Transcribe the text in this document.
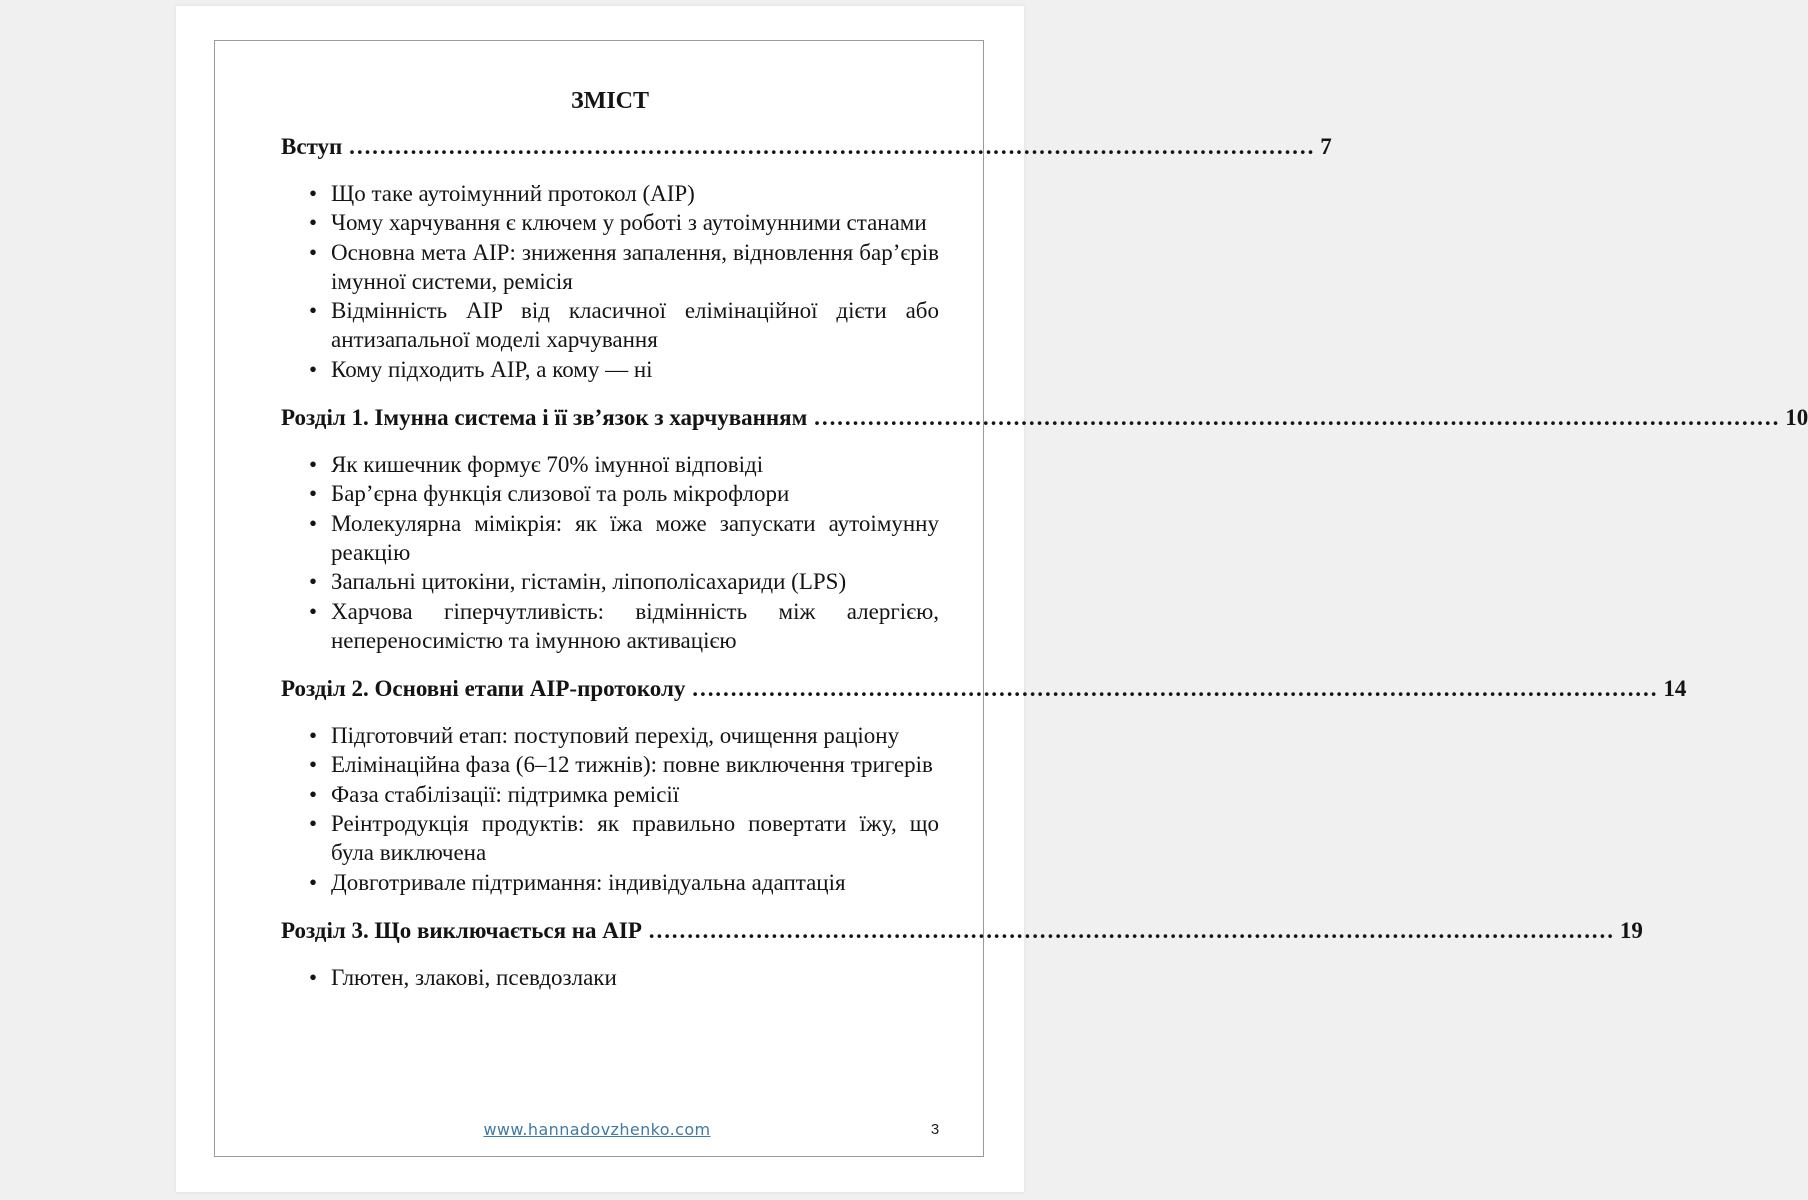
ЗМІСТ
Вступ ……………………………………………………………………………………………………………… 7
• Що таке аутоімунний протокол (AIP)
• Чому харчування є ключем у роботі з аутоімунними станами
• Основна мета AIP: зниження запалення, відновлення бар’єрів імунної системи, ремісія
• Відмінність AIP від класичної елімінаційної дієти або антизапальної моделі харчування
• Кому підходить AIP, а кому — ні
Розділ 1. Імунна система і її зв’язок з харчуванням ……………………………………………………………………………………………………………… 10
• Як кишечник формує 70% імунної відповіді
• Бар’єрна функція слизової та роль мікрофлори
• Молекулярна мімікрія: як їжа може запускати аутоімунну реакцію
• Запальні цитокіни, гістамін, ліпополісахариди (LPS)
• Харчова гіперчутливість: відмінність між алергією, непереносимістю та імунною активацією
Розділ 2. Основні етапи AIP-протоколу ……………………………………………………………………………………………………………… 14
• Підготовчий етап: поступовий перехід, очищення раціону
• Елімінаційна фаза (6–12 тижнів): повне виключення тригерів
• Фаза стабілізації: підтримка ремісії
• Реінтродукція продуктів: як правильно повертати їжу, що була виключена
• Довготривале підтримання: індивідуальна адаптація
Розділ 3. Що виключається на AIP ……………………………………………………………………………………………………………… 19
• Глютен, злакові, псевдозлаки
www.hannadovzhenko.com	3
